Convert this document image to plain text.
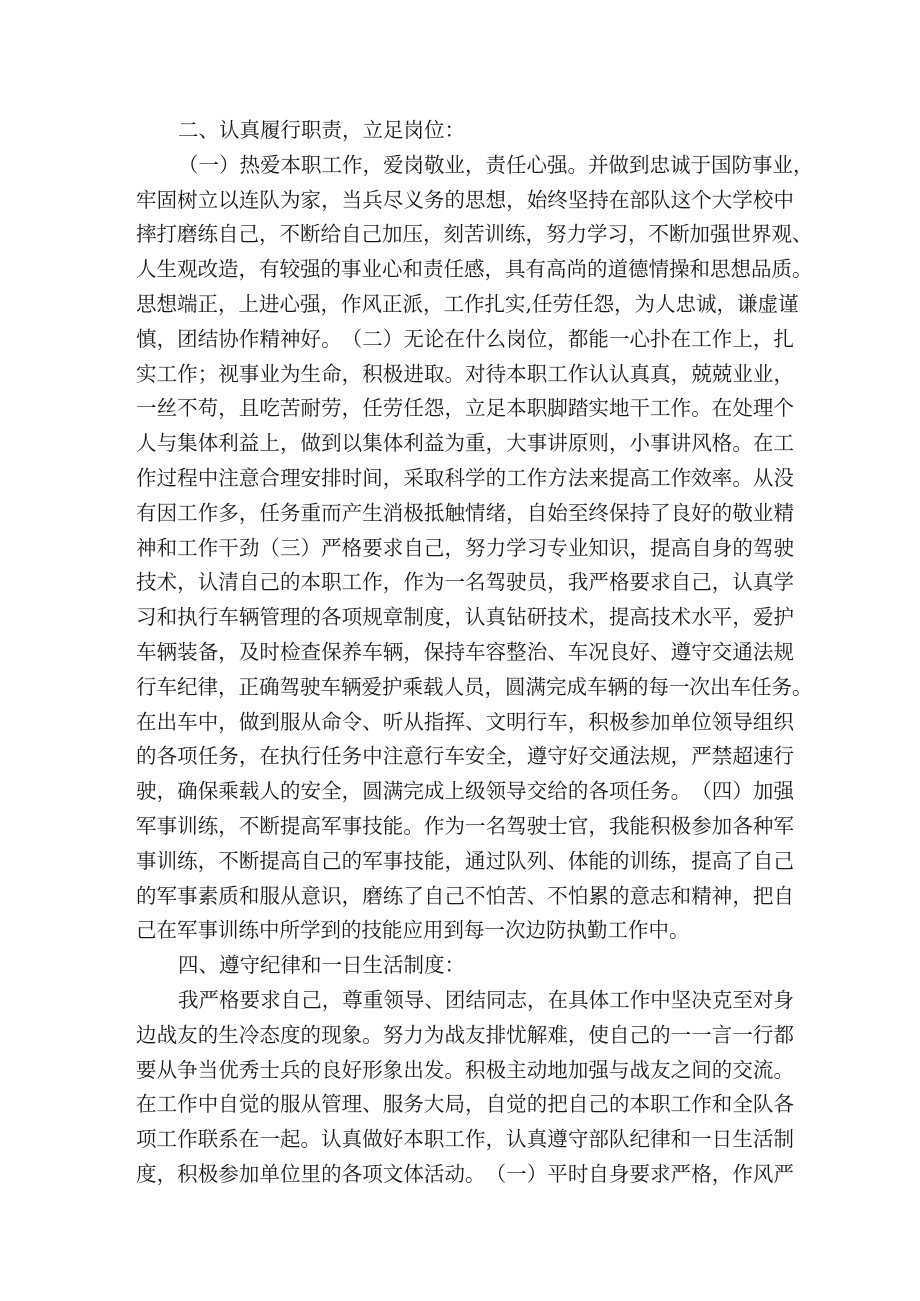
二、认真履行职责，立足岗位：
（ 一 ） 热 爱 本 职 工 作 ， 爱 岗 敬 业 ， 责 任 心 强 。 并 做 到 忠 诚 于 国 防 事 业 ，
牢 固 树 立 以 连 队 为 家 ， 当 兵 尽 义 务 的 思 想 ， 始 终 坚 持 在 部 队 这 个 大 学 校 中
摔 打 磨 练 自 己 ， 不 断 给 自 己 加 压 ， 刻 苦 训 练 ， 努 力 学 习 ， 不 断 加 强 世 界 观 、
人 生 观 改 造 ， 有 较 强 的 事 业 心 和 责 任 感 ， 具 有 高 尚 的 道 德 情 操 和 思 想 品 质 。
思 想 端 正 ， 上 进 心 强 ， 作 风 正 派 ， 工 作 扎 实 , 任 劳 任 怨 ， 为 人 忠 诚 ， 谦 虚 谨
慎 ， 团 结 协 作 精 神 好 。 （ 二 ） 无 论 在 什 么 岗 位 ， 都 能 一 心 扑 在 工 作 上 ， 扎
实 工 作 ； 视 事 业 为 生 命 ， 积 极 进 取 。 对 待 本 职 工 作 认 认 真 真 ， 兢 兢 业 业 ，
一 丝 不 苟 ， 且 吃 苦 耐 劳 ， 任 劳 任 怨 ， 立 足 本 职 脚 踏 实 地 干 工 作 。 在 处 理 个
人 与 集 体 利 益 上 ， 做 到 以 集 体 利 益 为 重 ， 大 事 讲 原 则 ， 小 事 讲 风 格 。 在 工
作 过 程 中 注 意 合 理 安 排 时 间 ， 采 取 科 学 的 工 作 方 法 来 提 高 工 作 效 率 。 从 没
有 因 工 作 多 ， 任 务 重 而 产 生 消 极 抵 触 情 绪 ， 自 始 至 终 保 持 了 良 好 的 敬 业 精
神 和 工 作 干 劲 （ 三 ） 严 格 要 求 自 己 ， 努 力 学 习 专 业 知 识 ， 提 高 自 身 的 驾 驶
技 术 ， 认 清 自 己 的 本 职 工 作 ， 作 为 一 名 驾 驶 员 ， 我 严 格 要 求 自 己 ， 认 真 学
习 和 执 行 车 辆 管 理 的 各 项 规 章 制 度 ， 认 真 钻 研 技 术 ， 提 高 技 术 水 平 ， 爱 护
车 辆 装 备 ， 及 时 检 查 保 养 车 辆 ， 保 持 车 容 整 治 、 车 况 良 好 、 遵 守 交 通 法 规
行 车 纪 律 ， 正 确 驾 驶 车 辆 爱 护 乘 载 人 员 ， 圆 满 完 成 车 辆 的 每 一 次 出 车 任 务 。
在 出 车 中 ， 做 到 服 从 命 令 、 听 从 指 挥 、 文 明 行 车 ， 积 极 参 加 单 位 领 导 组 织
的 各 项 任 务 ， 在 执 行 任 务 中 注 意 行 车 安 全 ， 遵 守 好 交 通 法 规 ， 严 禁 超 速 行
驶 ， 确 保 乘 载 人 的 安 全 ， 圆 满 完 成 上 级 领 导 交 给 的 各 项 任 务 。 （ 四 ） 加 强
军 事 训 练 ， 不 断 提 高 军 事 技 能 。 作 为 一 名 驾 驶 士 官 ， 我 能 积 极 参 加 各 种 军
事 训 练 ， 不 断 提 高 自 己 的 军 事 技 能 ， 通 过 队 列 、 体 能 的 训 练 ， 提 高 了 自 己
的 军 事 素 质 和 服 从 意 识 ， 磨 练 了 自 己 不 怕 苦 、 不 怕 累 的 意 志 和 精 神 ， 把 自
己在军事训练中所学到的技能应用到每一次边防执勤工作中。
四、遵守纪律和一日生活制度：
我 严 格 要 求 自 己 ， 尊 重 领 导 、 团 结 同 志 ， 在 具 体 工 作 中 坚 决 克 至 对 身
边 战 友 的 生 冷 态 度 的 现 象 。 努 力 为 战 友 排 忧 解 难 ， 使 自 己 的 一 一 言 一 行 都
要 从 争 当 优 秀 士 兵 的 良 好 形 象 出 发 。 积 极 主 动 地 加 强 与 战 友 之 间 的 交 流 。
在 工 作 中 自 觉 的 服 从 管 理 、 服 务 大 局 ， 自 觉 的 把 自 己 的 本 职 工 作 和 全 队 各
项 工 作 联 系 在 一 起 。 认 真 做 好 本 职 工 作 ， 认 真 遵 守 部 队 纪 律 和 一 日 生 活 制
度 ， 积 极 参 加 单 位 里 的 各 项 文 体 活 动 。 （ 一 ） 平 时 自 身 要 求 严 格 ， 作 风 严
